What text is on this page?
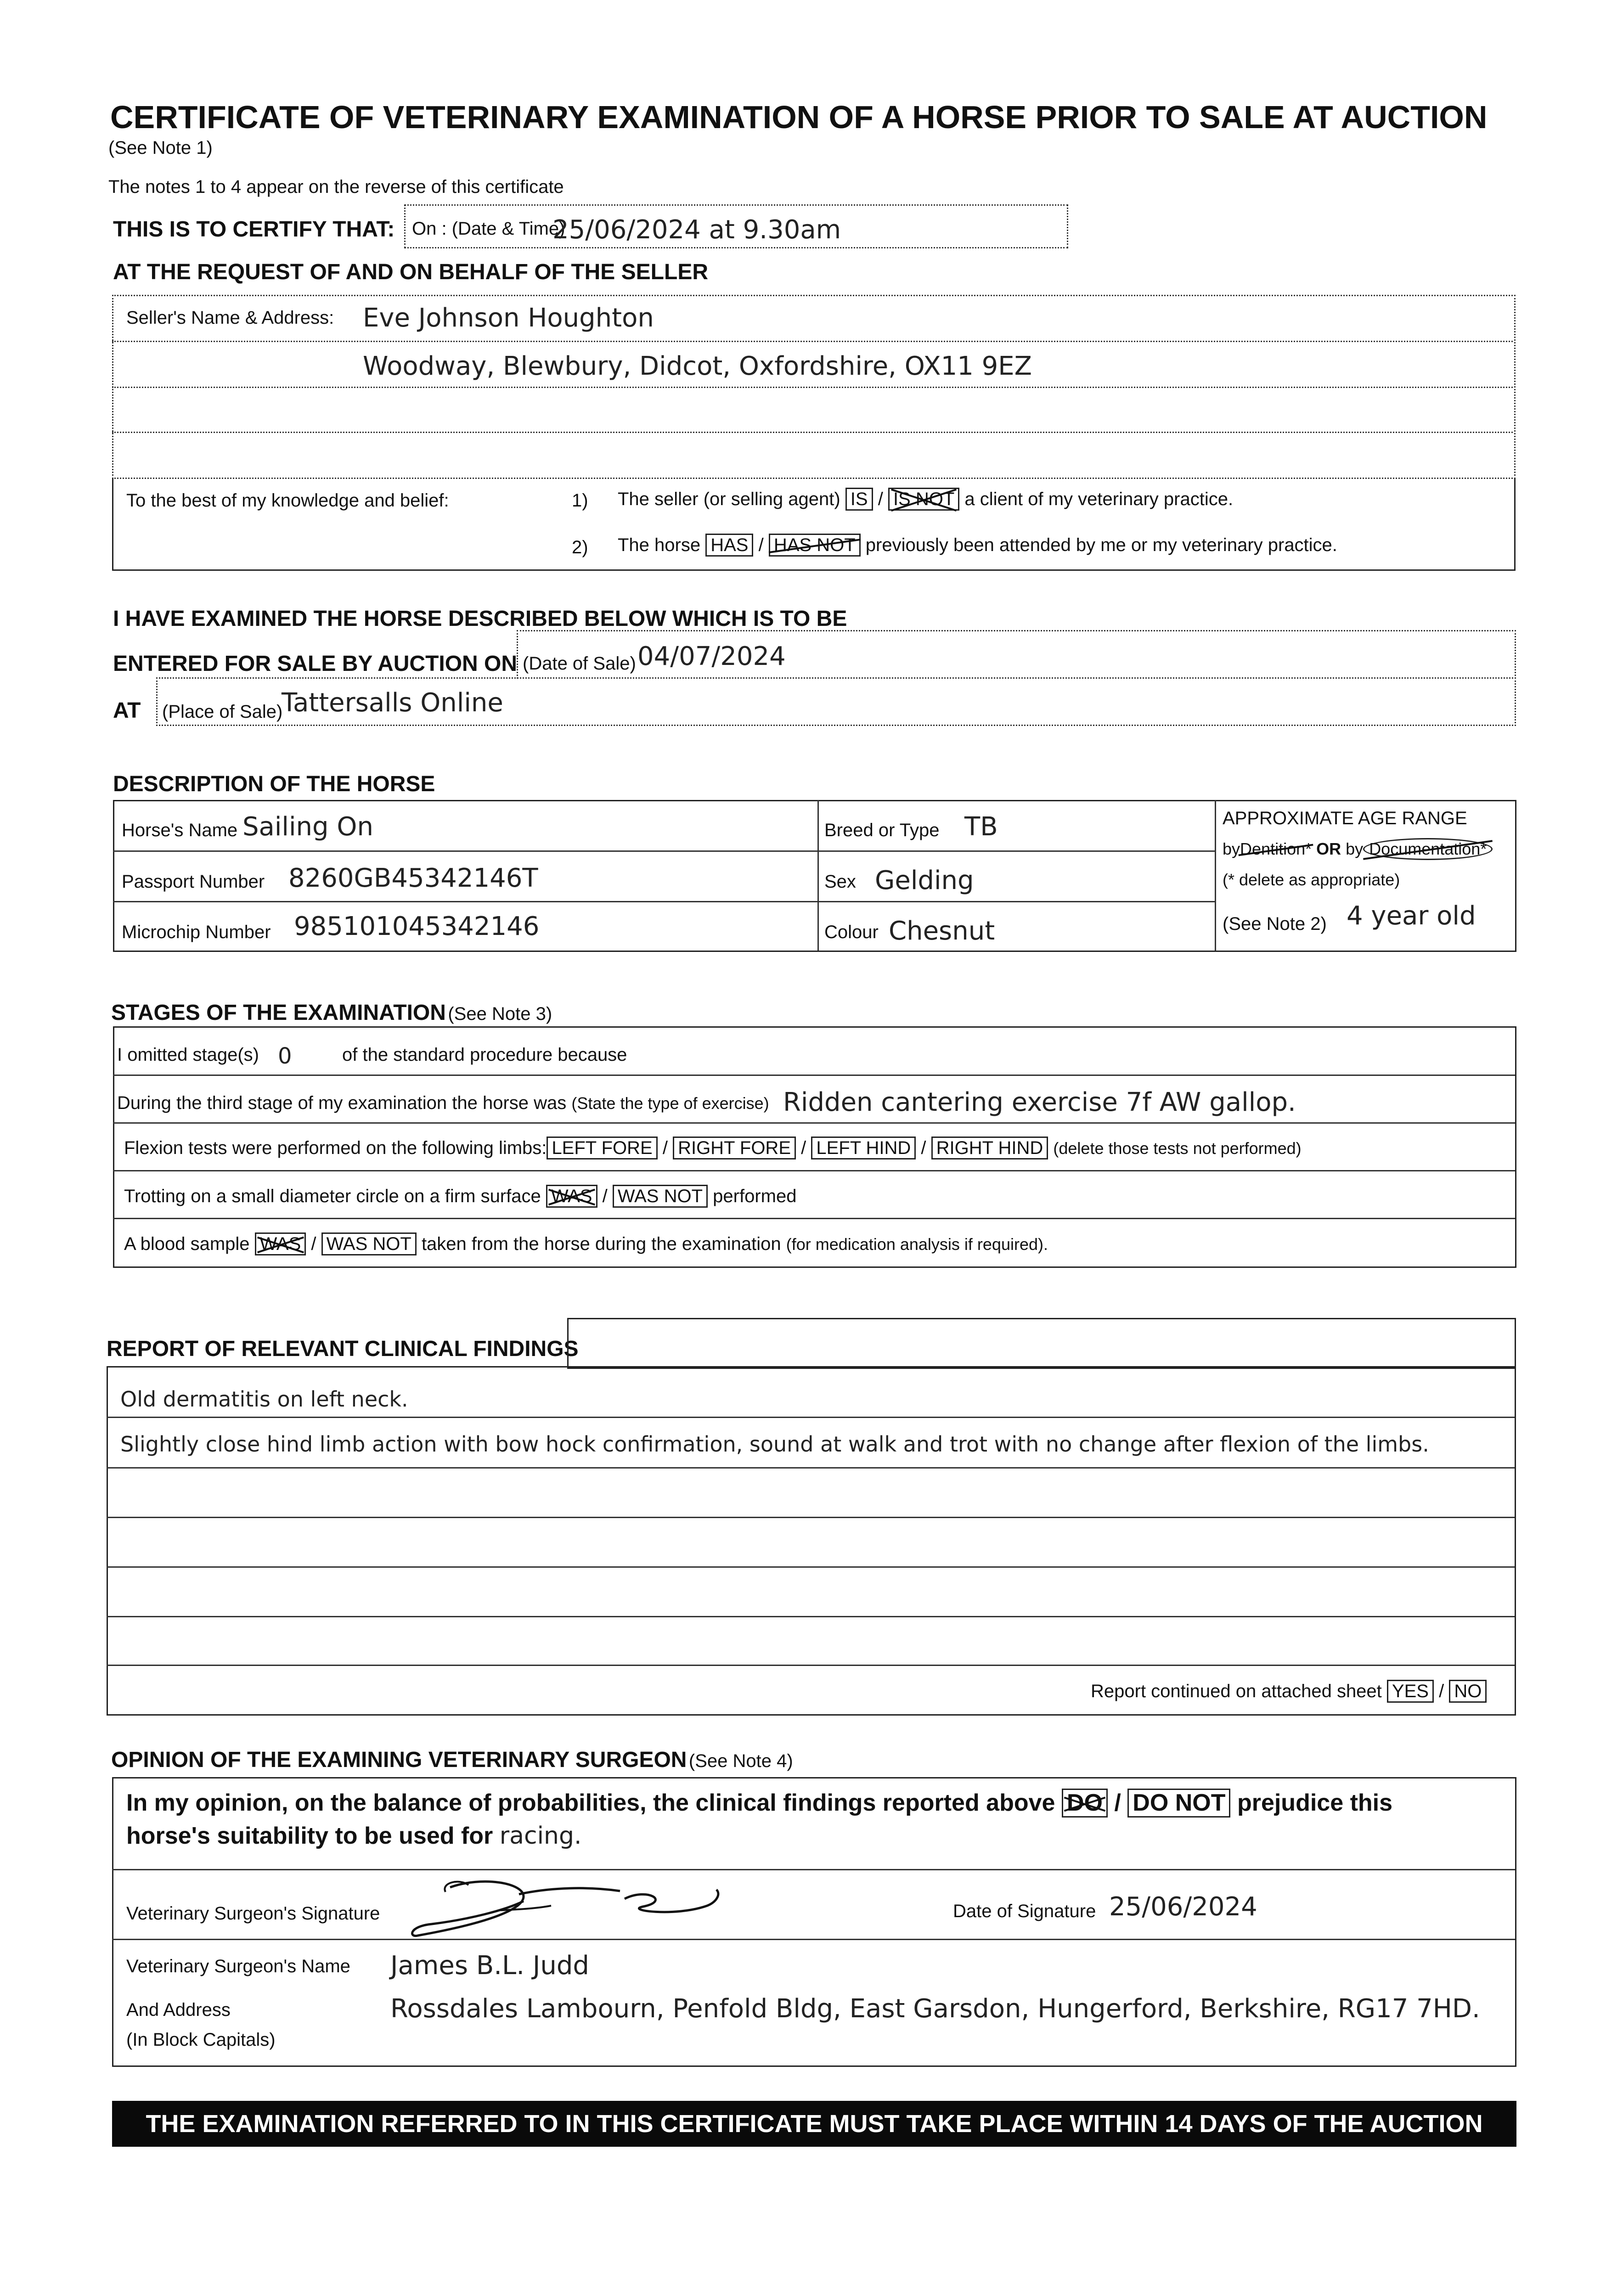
CERTIFICATE OF VETERINARY EXAMINATION OF A HORSE PRIOR TO SALE AT AUCTION
(See Note 1)
The notes 1 to 4 appear on the reverse of this certificate
THIS IS TO CERTIFY THAT: On : (Date & Time)
25/06/2024 at 9.30am
AT THE REQUEST OF AND ON BEHALF OF THE SELLER
Seller's Name & Address: Eve Johnson Houghton
Woodway, Blewbury, Didcot, Oxfordshire, OX11 9EZ
To the best of my knowledge and belief:	1) The seller (or selling agent) IS / IS NOT a client of my veterinary practice.
2) The horse HAS / HAS NOT previously been attended by me or my veterinary practice.
I HAVE EXAMINED THE HORSE DESCRIBED BELOW WHICH IS TO BE
ENTERED FOR SALE BY AUCTION ON (Date of Sale) 04/07/2024
AT (Place of Sale)
Tattersalls Online
DESCRIPTION OF THE HORSE
Horse's Name Sailing On
Passport Number 8260GB45342146T
Microchip Number 985101045342146
Breed or Type TB
Sex Gelding
Colour Chesnut
APPROXIMATE AGE RANGE
byDentition* OR by Documentation*
(* delete as appropriate)
(See Note 2) 4 year old
STAGES OF THE EXAMINATION (See Note 3)
I omitted stage(s) 0	of the standard procedure because
During the third stage of my examination the horse was (State the type of exercise) Ridden cantering exercise 7f AW gallop.
Flexion tests were performed on the following limbs: LEFT FORE / RIGHT FORE / LEFT HIND / RIGHT HIND (delete those tests not performed)
Trotting on a small diameter circle on a firm surface WAS / WAS NOT performed
A blood sample WAS / WAS NOT taken from the horse during the examination (for medication analysis if required).
REPORT OF RELEVANT CLINICAL FINDINGS
Old dermatitis on left neck.
Slightly close hind limb action with bow hock confirmation, sound at walk and trot with no change after flexion of the limbs.
Report continued on attached sheet YES / NO
OPINION OF THE EXAMINING VETERINARY SURGEON (See Note 4)
In my opinion, on the balance of probabilities, the clinical findings reported above DO / DO NOT prejudice this
horse's suitability to be used for racing.
Veterinary Surgeon's Signature	Date of Signature 25/06/2024
Veterinary Surgeon's Name James B.L. Judd
And Address
(In Block Capitals)
Rossdales Lambourn, Penfold Bldg, East Garsdon, Hungerford, Berkshire, RG17 7HD.
THE EXAMINATION REFERRED TO IN THIS CERTIFICATE MUST TAKE PLACE WITHIN 14 DAYS OF THE AUCTION
